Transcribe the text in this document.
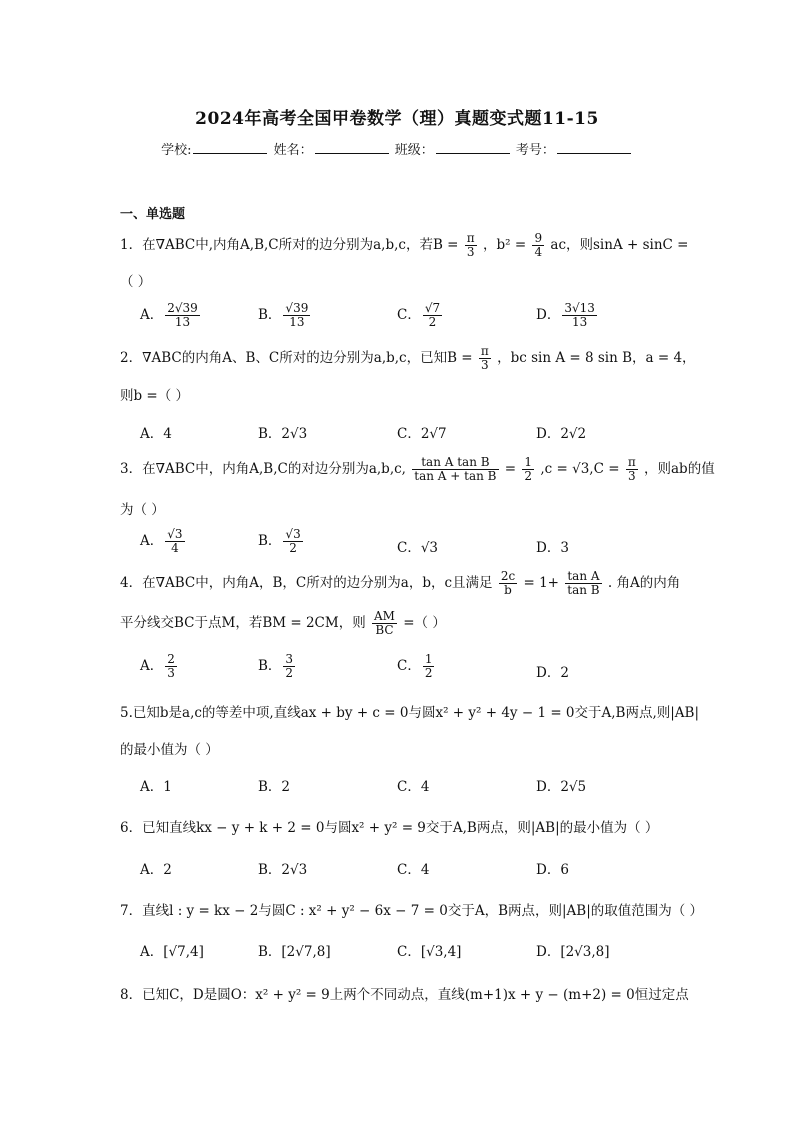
2024年高考全国甲卷数学（理）真题变式题11-15
学校:	姓名：	班级：	考号：
一、单选题
1．在∇ABC中,内角A,B,C所对的边分别为a,b,c，若$B = \frac{\pi}{3}$ ，$b^2 = \frac{9}{4}$ ac，则sinA + sinC =
（ ）
A． $\frac{2√39}{13}$	B． $\frac{√39}{13}$	C． $\frac{√7}{2}$	D． $\frac{3√13}{13}$
2．∇ABC的内角A、B、C所对的边分别为a,b,c，已知$B = \frac{\pi}{3}$ ，bc sin A = 8 sin B，a = 4，
则b =（ ）
A．4	B．2√3	C．2√7	D．2√2
3．在∇ABC中，内角A,B,C的对边分别为a,b,c, $\frac{\text{tan A tan B}}{\text{tan A + tan B}} = \frac{1}{2} ,c = √3,C = \frac{\pi}{3}$ ，则ab的值
为（ ）
A． $\frac{√3}{4}$	B． $\frac{√3}{2}$	C．√3	D．3
4．在∇ABC中，内角A，B，C所对的边分别为a，b，c且满足 $\frac{2c}{b} = 1+ \frac{\text{tan A}}{\text{tan B}}$ . 角A的内角
平分线交BC于点M，若BM = 2CM，则 $\frac{AM}{BC}$ =（ ）
A． $\frac{2}{3}$	B． $\frac{3}{2}$	C． $\frac{1}{2}$	D．2
5.已知b是a,c的等差中项,直线ax + by + c = 0与圆x² + y² + 4y − 1 = 0交于A,B两点,则|AB|
的最小值为（ ）
A．1	B．2	C．4	D．2√5
6．已知直线kx − y + k + 2 = 0与圆x² + y² = 9交于A,B两点，则|AB|的最小值为（ ）
A．2	B．2√3	C．4	D．6
7．直线l : y = kx − 2与圆C : x² + y² − 6x − 7 = 0交于A，B两点，则|AB|的取值范围为（ ）
A．[√7,4]	B．[2√7,8]	C．[√3,4]	D．[2√3,8]
8．已知C，D是圆O：x² + y² = 9上两个不同动点，直线(m+1)x + y − (m+2) = 0恒过定点
